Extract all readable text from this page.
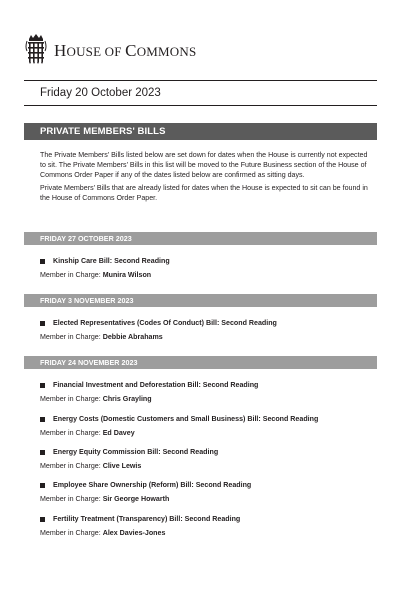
HOUSE OF COMMONS
Friday 20 October 2023
PRIVATE MEMBERS' BILLS

The Private Members' Bills listed below are set down for dates when the House is currently not expected to sit. The Private Members' Bills in this list will be moved to the Future Business section of the House of Commons Order Paper if any of the dates listed below are confirmed as sitting days.

Private Members' Bills that are already listed for dates when the House is expected to sit can be found in the House of Commons Order Paper.

FRIDAY 27 OCTOBER 2023
Kinship Care Bill: Second Reading
Member in Charge: Munira Wilson
FRIDAY 3 NOVEMBER 2023
Elected Representatives (Codes Of Conduct) Bill: Second Reading
Member in Charge: Debbie Abrahams
FRIDAY 24 NOVEMBER 2023
Financial Investment and Deforestation Bill: Second Reading
Member in Charge: Chris Grayling
Energy Costs (Domestic Customers and Small Business) Bill: Second Reading
Member in Charge: Ed Davey
Energy Equity Commission Bill: Second Reading
Member in Charge: Clive Lewis
Employee Share Ownership (Reform) Bill: Second Reading
Member in Charge: Sir George Howarth
Fertility Treatment (Transparency) Bill: Second Reading
Member in Charge: Alex Davies-Jones
